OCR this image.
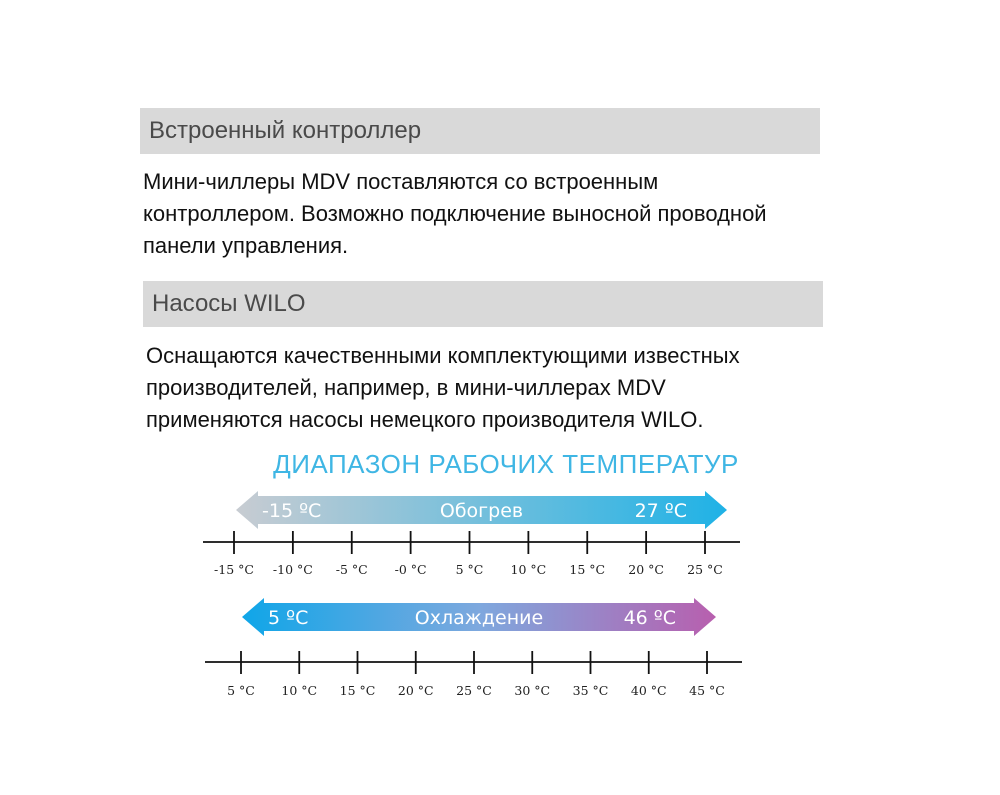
Встроенный контроллер
Мини-чиллеры MDV поставляются со встроенным
контроллером. Возможно подключение выносной проводной
панели управления.
Насосы WILO
Оснащаются качественными комплектующими известных
производителей, например, в мини-чиллерах MDV
применяются насосы немецкого производителя WILO.
ДИАПАЗОН РАБОЧИХ ТЕМПЕРАТУР
-15 ºC	Обогрев	27 ºC
-15 °C -10 °C -5 °C -0 °C 5 °C 10 °C 15 °C 20 °C 25 °C
5 ºC	Охлаждение	46 ºC
5 °C 10 °C 15 °C 20 °C 25 °C 30 °C 35 °C 40 °C 45 °C
